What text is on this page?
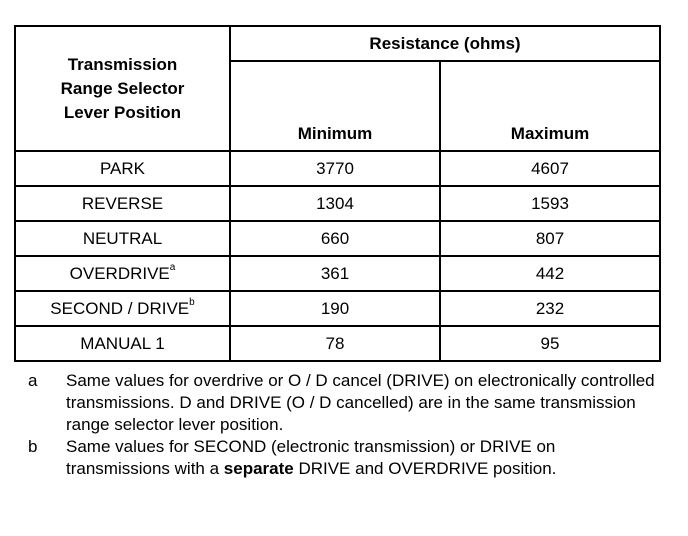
Transmission Range Selector Lever Position	Resistance (ohms)	
	Minimum	Maximum
PARK	3770	4607
REVERSE	1304	1593
NEUTRAL	660	807
OVERDRIVE$^a$	361	442
SECOND / DRIVE$^b$	190	232
MANUAL 1	78	95
a	Same values for overdrive or O / D cancel (DRIVE) on electronically controlled transmissions. D and DRIVE (O / D cancelled) are in the same transmission range selector lever position.
b	Same values for SECOND (electronic transmission) or DRIVE on transmissions with a separate DRIVE and OVERDRIVE position.
